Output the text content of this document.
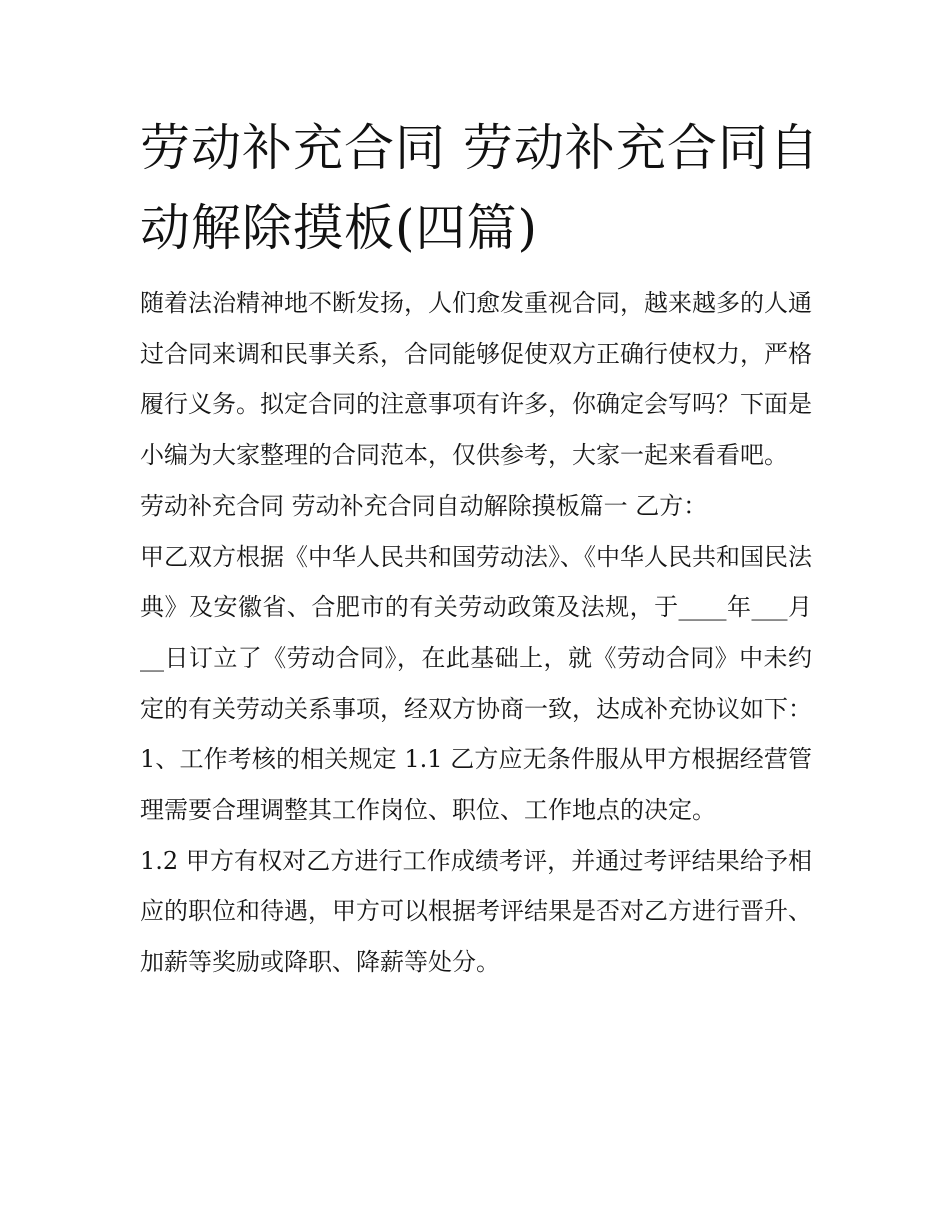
劳动补充合同 劳动补充合同自动解除摸板(四篇)

随着法治精神地不断发扬，人们愈发重视合同，越来越多的人通过合同来调和民事关系，合同能够促使双方正确行使权力，严格履行义务。拟定合同的注意事项有许多，你确定会写吗？下面是小编为大家整理的合同范本，仅供参考，大家一起来看看吧。

劳动补充合同 劳动补充合同自动解除摸板篇一 乙方：

甲乙双方根据《中华人民共和国劳动法》、《中华人民共和国民法典》及安徽省、合肥市的有关劳动政策及法规，于____年___月__日订立了《劳动合同》，在此基础上，就《劳动合同》中未约定的有关劳动关系事项，经双方协商一致，达成补充协议如下：

1、工作考核的相关规定 1.1 乙方应无条件服从甲方根据经营管理需要合理调整其工作岗位、职位、工作地点的决定。

1.2 甲方有权对乙方进行工作成绩考评，并通过考评结果给予相应的职位和待遇，甲方可以根据考评结果是否对乙方进行晋升、加薪等奖励或降职、降薪等处分。
